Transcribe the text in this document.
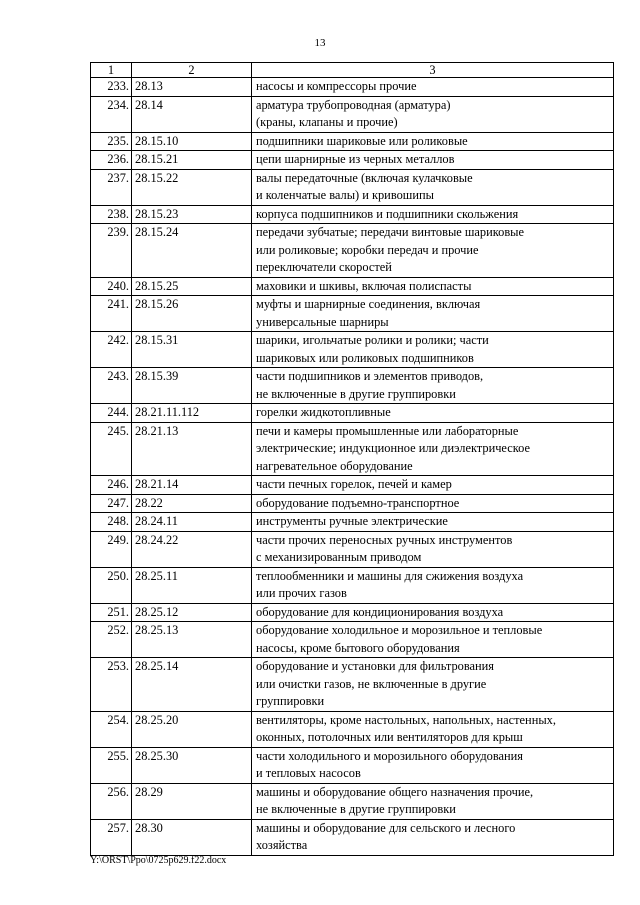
13
1	2	3
233.	28.13	насосы и компрессоры прочие

234.	28.14	арматура трубопроводная (арматура)
(краны, клапаны и прочие)

235.	28.15.10	подшипники шариковые или роликовые

236.	28.15.21	цепи шарнирные из черных металлов

237.	28.15.22	валы передаточные (включая кулачковые
и коленчатые валы) и кривошипы

238.	28.15.23	корпуса подшипников и подшипники скольжения

239.	28.15.24	передачи зубчатые; передачи винтовые шариковые
или роликовые; коробки передач и прочие
переключатели скоростей

240.	28.15.25	маховики и шкивы, включая полиспасты

241.	28.15.26	муфты и шарнирные соединения, включая
универсальные шарниры

242.	28.15.31	шарики, игольчатые ролики и ролики; части
шариковых или роликовых подшипников

243.	28.15.39	части подшипников и элементов приводов,
не включенные в другие группировки

244.	28.21.11.112	горелки жидкотопливные

245.	28.21.13	печи и камеры промышленные или лабораторные
электрические; индукционное или диэлектрическое
нагревательное оборудование

246.	28.21.14	части печных горелок, печей и камер

247.	28.22	оборудование подъемно-транспортное

248.	28.24.11	инструменты ручные электрические

249.	28.24.22	части прочих переносных ручных инструментов
с механизированным приводом

250.	28.25.11	теплообменники и машины для сжижения воздуха
или прочих газов

251.	28.25.12	оборудование для кондиционирования воздуха

252.	28.25.13	оборудование холодильное и морозильное и тепловые
насосы, кроме бытового оборудования

253.	28.25.14	оборудование и установки для фильтрования
или очистки газов, не включенные в другие
группировки

254.	28.25.20	вентиляторы, кроме настольных, напольных, настенных,
оконных, потолочных или вентиляторов для крыш

255.	28.25.30	части холодильного и морозильного оборудования
и тепловых насосов

256.	28.29	машины и оборудование общего назначения прочие,
не включенные в другие группировки

257.	28.30	машины и оборудование для сельского и лесного
хозяйства
Y:\ORST\Ppo\0725p629.f22.docx
